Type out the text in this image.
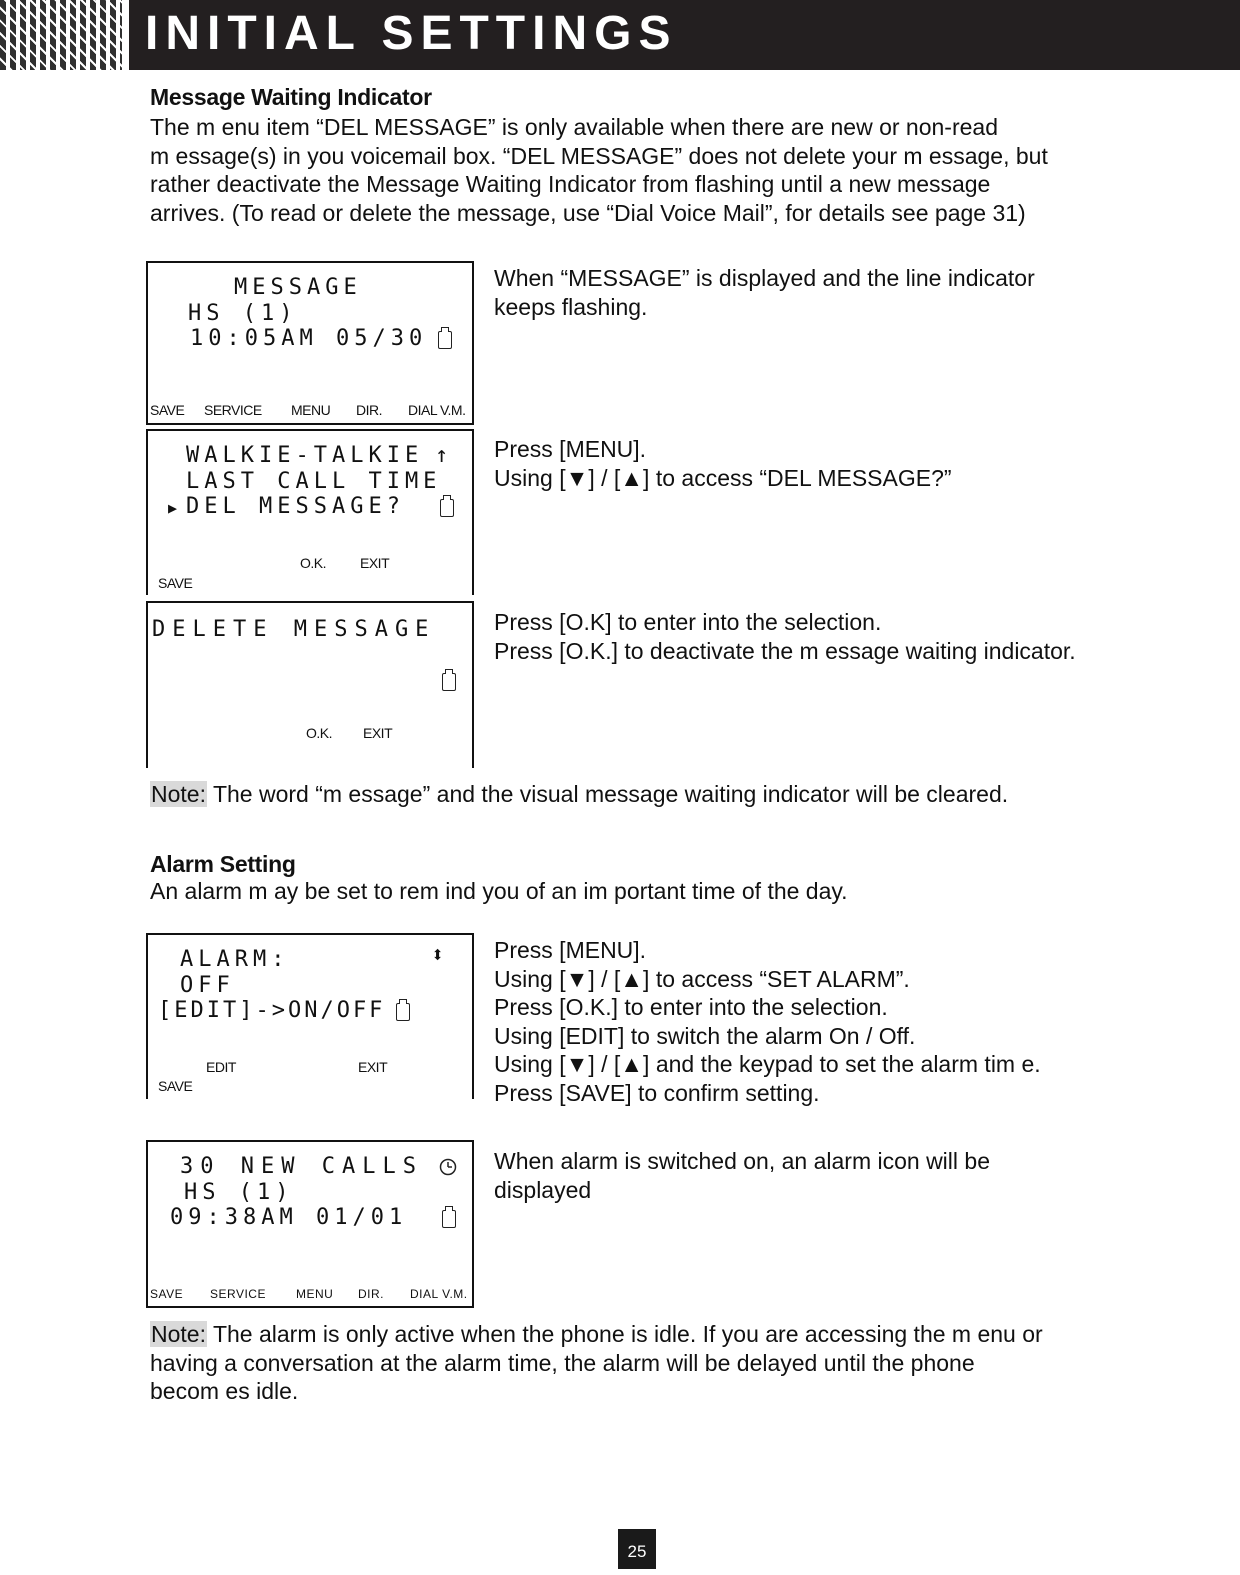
INITIAL SETTINGS
Message Waiting Indicator
The m enu item “DEL MESSAGE” is only available when there are new or non-read
m essage(s) in you voicemail box. “DEL MESSAGE” does not delete your m essage, but
rather deactivate the Message Waiting Indicator from flashing until a new message
arrives. (To read or delete the message, use “Dial Voice Mail”, for details see page 31)
MESSAGE
HS (1)
10:05AM 05/30
SAVE SERVICE MENU DIR. DIAL V.M.
When “MESSAGE” is displayed and the line indicator
keeps flashing.
WALKIE-TALKIE ↑
LAST CALL TIME
▶ DEL MESSAGE?
O.K. EXIT
SAVE
Press [MENU].
Using [▼] / [▲] to access “DEL MESSAGE?”
DELETE MESSAGE
O.K. EXIT
Press [O.K] to enter into the selection.
Press [O.K.] to deactivate the m essage waiting indicator.
Note: The word “m essage” and the visual message waiting indicator will be cleared.
Alarm Setting
An alarm m ay be set to rem ind you of an im portant time of the day.
ALARM:	⬍
OFF
[EDIT]->ON/OFF
EDIT	EXIT
SAVE
Press [MENU].
Using [▼] / [▲] to access “SET ALARM”.
Press [O.K.] to enter into the selection.
Using [EDIT] to switch the alarm On / Off.
Using [▼] / [▲] and the keypad to set the alarm tim e.
Press [SAVE] to confirm setting.
30 NEW CALLS
HS (1)
09:38AM 01/01
SAVE SERVICE	MENU DIR. DIAL V.M.
When alarm is switched on, an alarm icon will be
displayed
Note: The alarm is only active when the phone is idle. If you are accessing the m enu or
having a conversation at the alarm time, the alarm will be delayed until the phone
becom es idle.
25
